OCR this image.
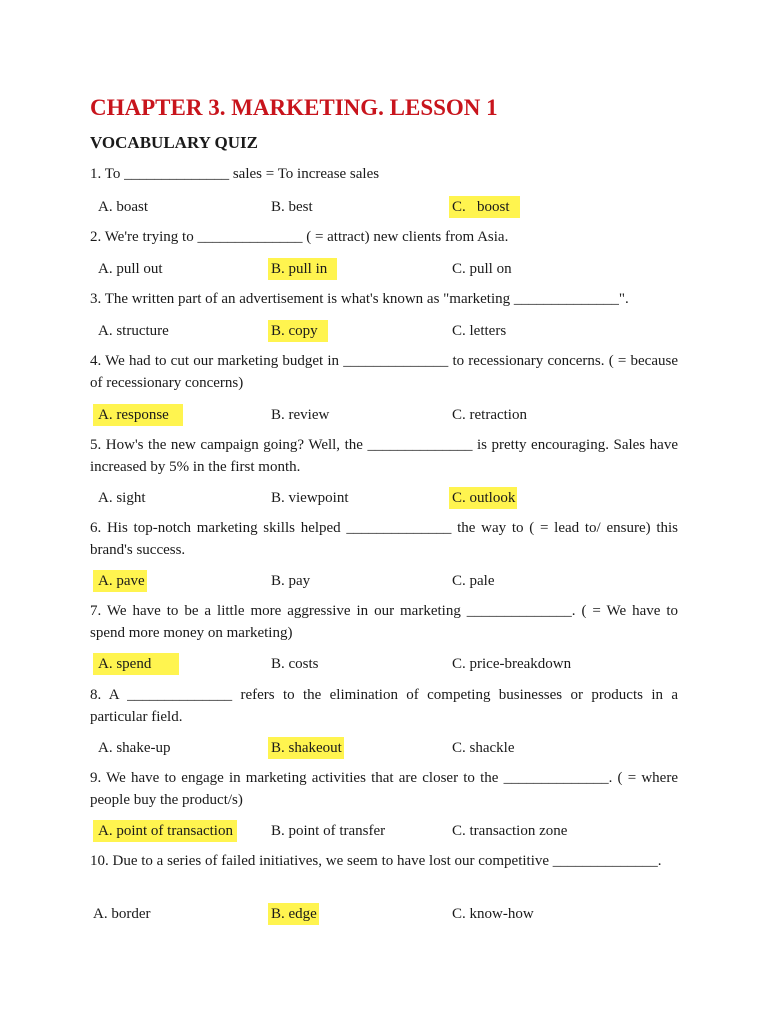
CHAPTER 3. MARKETING. LESSON 1
VOCABULARY QUIZ

1. To ______________ sales = To increase sales

A. boast	B. best	C.   boost

2. We're trying to ______________ ( = attract) new clients from Asia.

A. pull out	B. pull in	C. pull on

3. The written part of an advertisement is what's known as "marketing ______________".

A. structure	B. copy	C. letters

4. We had to cut our marketing budget in ______________ to recessionary concerns. ( = because of recessionary concerns)

A. response	B. review	C. retraction

5. How's the new campaign going? Well, the ______________ is pretty encouraging. Sales have increased by 5% in the first month.

A. sight	B. viewpoint	C. outlook

6. His top-notch marketing skills helped ______________ the way to ( = lead to/ ensure) this brand's success.

A. pave	B. pay	C. pale

7. We have to be a little more aggressive in our marketing ______________. ( = We have to spend more money on marketing)

A. spend	B. costs	C. price-breakdown

8. A ______________ refers to the elimination of competing businesses or products in a particular field.

A. shake-up	B. shakeout	C. shackle

9. We have to engage in marketing activities that are closer to the ______________. ( = where people buy the product/s)

A. point of transaction	B. point of transfer	C. transaction zone

10. Due to a series of failed initiatives, we seem to have lost our competitive ______________.

A. border	B. edge	C. know-how
